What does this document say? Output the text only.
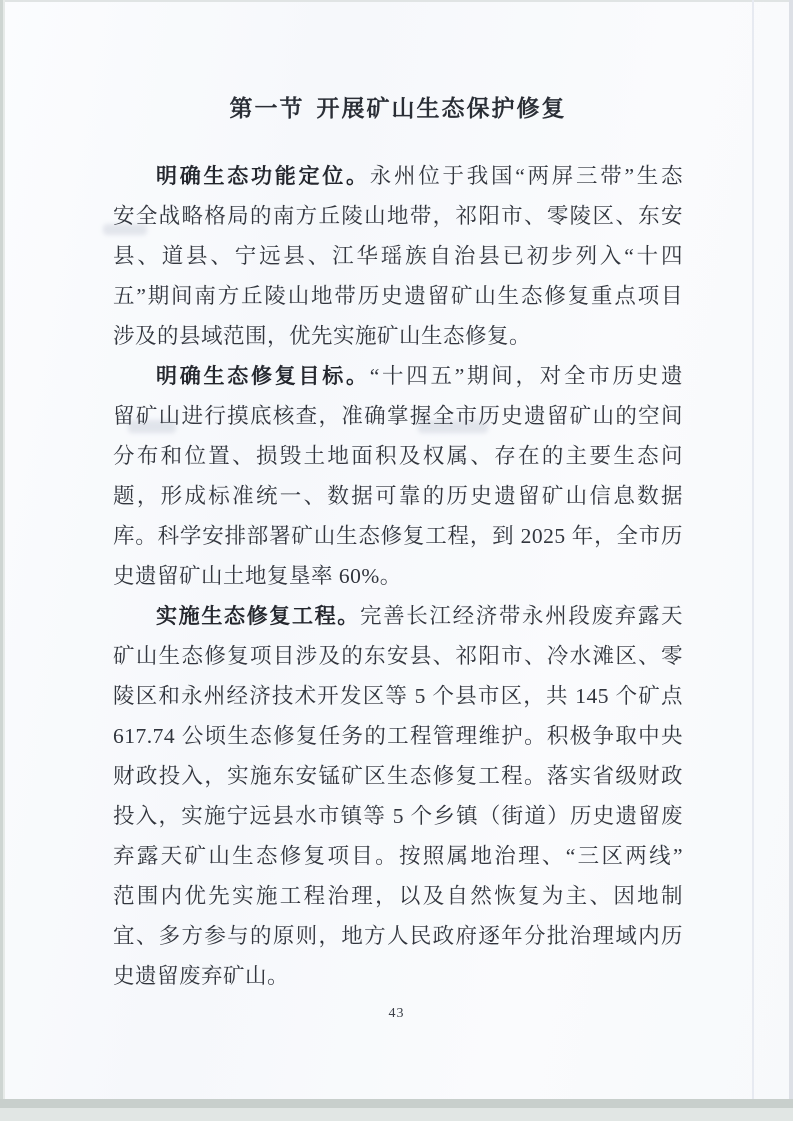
第一节 开展矿山生态保护修复
明确生态功能定位。永州位于我国“两屏三带”生态
安全战略格局的南方丘陵山地带，祁阳市、零陵区、东安
县、道县、宁远县、江华瑶族自治县已初步列入“十四
五”期间南方丘陵山地带历史遗留矿山生态修复重点项目
涉及的县域范围，优先实施矿山生态修复。
明确生态修复目标。“十四五”期间，对全市历史遗
留矿山进行摸底核查，准确掌握全市历史遗留矿山的空间
分布和位置、损毁土地面积及权属、存在的主要生态问
题，形成标准统一、数据可靠的历史遗留矿山信息数据
库。科学安排部署矿山生态修复工程，到 2025 年，全市历
史遗留矿山土地复垦率 60%。
实施生态修复工程。完善长江经济带永州段废弃露天
矿山生态修复项目涉及的东安县、祁阳市、冷水滩区、零
陵区和永州经济技术开发区等 5 个县市区，共 145 个矿点
617.74 公顷生态修复任务的工程管理维护。积极争取中央
财政投入，实施东安锰矿区生态修复工程。落实省级财政
投入，实施宁远县水市镇等 5 个乡镇（街道）历史遗留废
弃露天矿山生态修复项目。按照属地治理、“三区两线”
范围内优先实施工程治理，以及自然恢复为主、因地制
宜、多方参与的原则，地方人民政府逐年分批治理域内历
史遗留废弃矿山。
43
